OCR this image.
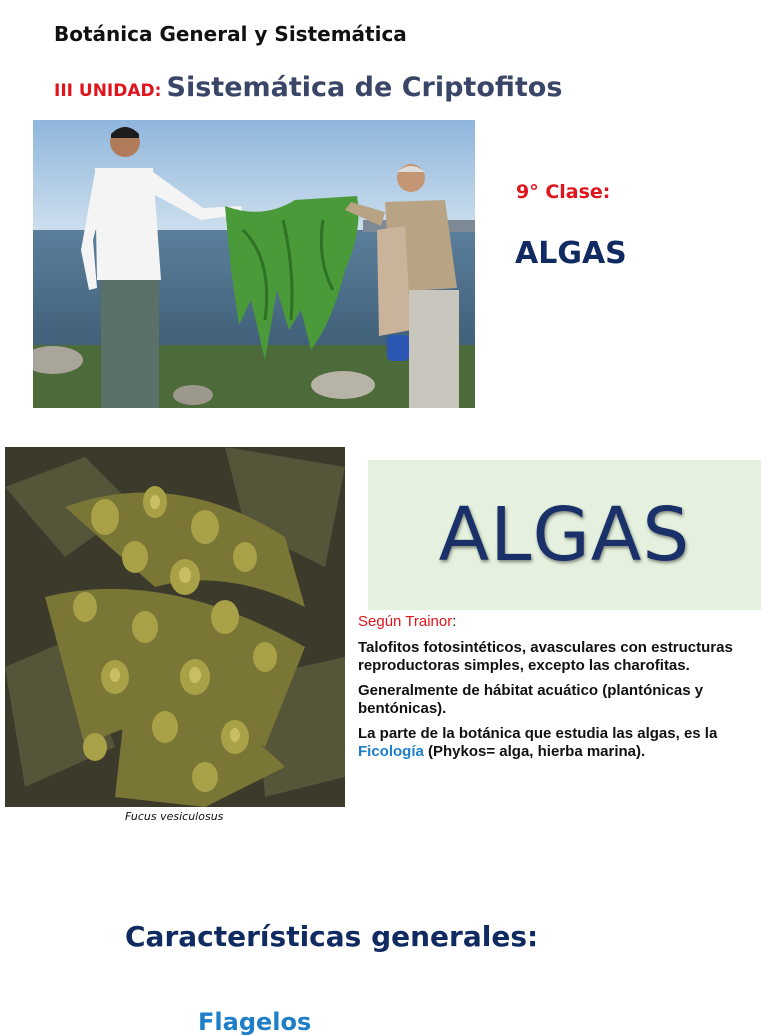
Botánica General y Sistemática
III UNIDAD: Sistemática de Criptofitos
9° Clase:
ALGAS
Fucus vesiculosus
ALGAS
Según Trainor:

Talofitos fotosintéticos, avasculares con estructuras reproductoras simples, excepto las charofitas.

Generalmente de hábitat acuático (plantónicas y bentónicas).

La parte de la botánica que estudia las algas, es la Ficología (Phykos= alga, hierba marina).

Características generales:
Flagelos
